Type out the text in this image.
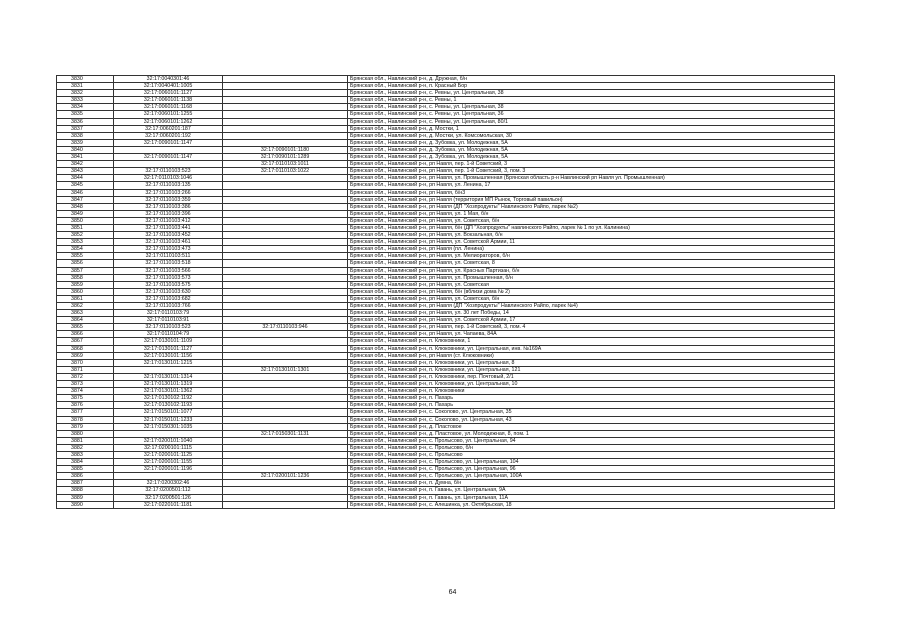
3830	32:17:0040301:46		Брянская обл., Навлинский р-н, д. Дружная, б/н
3831	32:17:0040401:1005		Брянская обл., Навлинский р-н, п. Красный Бор
3832	32:17:0060101:1127		Брянская обл., Навлинский р-н, с. Ревны, ул. Центральная, 38
3833	32:17:0060101:1138		Брянская обл., Навлинский р-н, с. Ревны, 1
3834	32:17:0060101:1168		Брянская обл., Навлинский р-н, с. Ревны, ул. Центральная, 38
3835	32:17:0060101:1255		Брянская обл., Навлинский р-н, с. Ревны, ул. Центральная, 36
3836	32:17:0060101:1262		Брянская обл., Навлинский р-н, с. Ревны, ул. Центральная, 80/1
3837	32:17:0060201:187		Брянская обл., Навлинский р-н, д. Мостки, 1
3838	32:17:0060201:192		Брянская обл., Навлинский р-н, д. Мостки, ул. Комсомольская, 30
3839	32:17:0090101:1147		Брянская обл., Навлинский р-н, д. Зубовка, ул. Молодежная, 5А
3840		32:17:0090101:1180	Брянская обл., Навлинский р-н, д. Зубовка, ул. Молодежная, 5А
3841	32:17:0090101:1147	32:17:0090101:1289	Брянская обл., Навлинский р-н, д. Зубовка, ул. Молодежная, 5А
3842		32:17:0110103:1011	Брянская обл., Навлинский р-н, рп Навля, пер. 1-й Советский, 3
3843	32:17:0110103:523	32:17:0110103:1022	Брянская обл., Навлинский р-н, рп Навля, пер. 1-й Советский, 3, пом. 3
3844	32:17:0110103:1046		Брянская обл., Навлинский р-н, рп Навля, ул. Промышленная (Брянская область р-н Навлинский рп Навля ул. Промышленная)
3845	32:17:0110103:135		Брянская обл., Навлинский р-н, рп Навля, ул. Ленина, 17
3846	32:17:0110103:266		Брянская обл., Навлинский р-н, рп Навля, б/н3
3847	32:17:0110103:359		Брянская обл., Навлинский р-н, рп Навля (территория МП Рынок, Торговый павильон)
3848	32:17:0110103:386		Брянская обл., Навлинский р-н, рп Навля (ДП "Хозпродукты" Навлинского Райпо, ларек №2)
3849	32:17:0110103:396		Брянская обл., Навлинский р-н, рп Навля, ул. 1 Мая, б/н
3850	32:17:0110103:412		Брянская обл., Навлинский р-н, рп Навля, ул. Советская, б/н
3851	32:17:0110103:441		Брянская обл., Навлинский р-н, рп Навля, б/н (ДП "Хозпродукты" навлинского Райпо, ларек № 1 по ул. Калинина)
3852	32:17:0110103:452		Брянская обл., Навлинский р-н, рп Навля, ул. Вокзальная, б/н
3853	32:17:0110103:461		Брянская обл., Навлинский р-н, рп Навля, ул. Советской Армии, 11
3854	32:17:0110103:473		Брянская обл., Навлинский р-н, рп Навля (пл. Ленина)
3855	32:17:0110103:511		Брянская обл., Навлинский р-н, рп Навля, ул. Мелиораторов, б/н
3856	32:17:0110103:518		Брянская обл., Навлинский р-н, рп Навля, ул. Советская, 8
3857	32:17:0110103:566		Брянская обл., Навлинский р-н, рп Навля, ул. Красных Партизан, б/н
3858	32:17:0110103:573		Брянская обл., Навлинский р-н, рп Навля, ул. Промышленная, б/н
3859	32:17:0110103:575		Брянская обл., Навлинский р-н, рп Навля, ул. Советская
3860	32:17:0110103:630		Брянская обл., Навлинский р-н, рп Навля, б/н (вблизи дома № 2)
3861	32:17:0110103:682		Брянская обл., Навлинский р-н, рп Навля, ул. Советская, б/н
3862	32:17:0110103:766		Брянская обл., Навлинский р-н, рп Навля (ДП "Хозпродукты" Навлинского Райпо, ларек №4)
3863	32:17:0110103:79		Брянская обл., Навлинский р-н, рп Навля, ул. 30 лет Победы, 14
3864	32:17:0110103:91		Брянская обл., Навлинский р-н, рп Навля, ул. Советской Армии, 17
3865	32:17:0110103:523	32:17:0110103:946	Брянская обл., Навлинский р-н, рп Навля, пер. 1-й Советский, 3, пом. 4
3866	32:17:0110104:79		Брянская обл., Навлинский р-н, рп Навля, ул. Чапаева, 84А
3867	32:17:0130101:1109		Брянская обл., Навлинский р-н, п. Клюковники, 1
3868	32:17:0130101:1127		Брянская обл., Навлинский р-н, п. Клюковники, ул. Центральная, инв. №169А
3869	32:17:0130101:1156		Брянская обл., Навлинский р-н, рп Навля (ст. Клюковники)
3870	32:17:0130101:1215		Брянская обл., Навлинский р-н, п. Клюковники, ул. Центральная, 8
3871		32:17:0130101:1301	Брянская обл., Навлинский р-н, п. Клюковники, ул. Центральная, 121
3872	32:17:0130101:1314		Брянская обл., Навлинский р-н, п. Клюковники, пер. Почтовый, 2/1
3873	32:17:0130101:1319		Брянская обл., Навлинский р-н, п. Клюковники, ул. Центральная, 10
3874	32:17:0130101:1362		Брянская обл., Навлинский р-н, п. Клюковники
3875	32:17:0130102:1192		Брянская обл., Навлинский р-н, п. Пахарь
3876	32:17:0130102:1193		Брянская обл., Навлинский р-н, п. Пахарь
3877	32:17:0150101:1077		Брянская обл., Навлинский р-н, с. Соколово, ул. Центральная, 35
3878	32:17:0150101:1233		Брянская обл., Навлинский р-н, с. Соколово, ул. Центральная, 43
3879	32:17:0150301:1035		Брянская обл., Навлинский р-н, д. Пластовое
3880		32:17:0150301:1131	Брянская обл., Навлинский р-н, д. Пластовое, ул. Молодежная, 8, пом. 1
3881	32:17:0200101:1040		Брянская обл., Навлинский р-н, с. Пролысово, ул. Центральная, 94
3882	32:17:0200101:1115		Брянская обл., Навлинский р-н, с. Пролысово, б/н
3883	32:17:0200101:1125		Брянская обл., Навлинский р-н, с. Пролысово
3884	32:17:0200101:1155		Брянская обл., Навлинский р-н, с. Пролысово, ул. Центральная, 104
3885	32:17:0200101:1196		Брянская обл., Навлинский р-н, с. Пролысово, ул. Центральная, 96
3886		32:17:0200101:1236	Брянская обл., Навлинский р-н, с. Пролысово, ул. Центральная, 100А
3887	32:17:0200302:46		Брянская обл., Навлинский р-н, п. Думна, б/н
3888	32:17:0200501:112		Брянская обл., Навлинский р-н, п. Гавань, ул. Центральная, 9А
3889	32:17:0200501:126		Брянская обл., Навлинский р-н, п. Гавань, ул. Центральная, 11А
3890	32:17:0220101:1181		Брянская обл., Навлинский р-н, с. Алешинка, ул. Октябрьская, 18
64
